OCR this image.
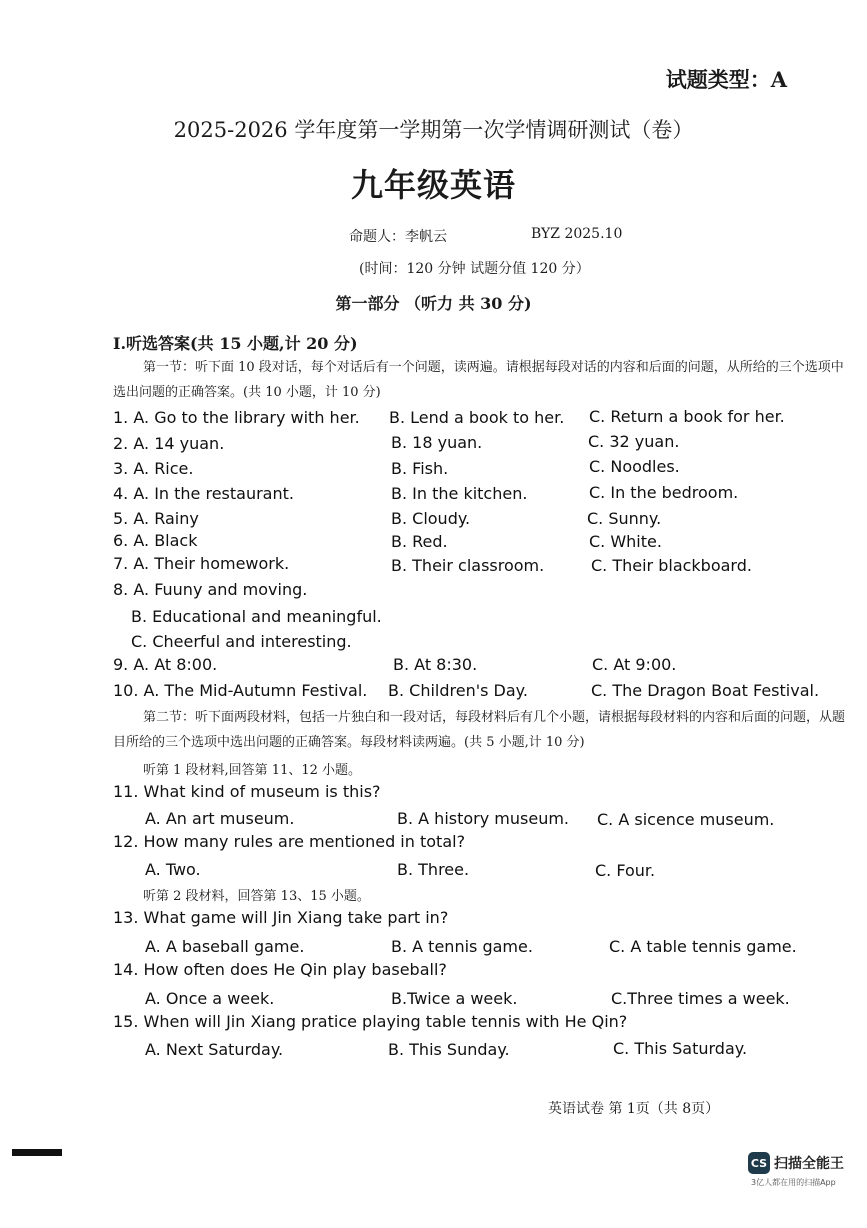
试题类型：A
2025-2026 学年度第一学期第一次学情调研测试（卷）
九年级英语
命题人：李帆云	BYZ 2025.10
(时间：120 分钟 试题分值 120 分）
第一部分 （听力 共 30 分)
I.听选答案(共 15 小题,计 20 分)
第一节：听下面 10 段对话，每个对话后有一个问题，读两遍。请根据每段对话的内容和后面的问题，从所给的三个选项中选出问题的正确答案。(共 10 小题，计 10 分)
1. A. Go to the library with her. B. Lend a book to her. C. Return a book for her.
2. A. 14 yuan.	B. 18 yuan.	C. 32 yuan.
3. A. Rice.	B. Fish.	C. Noodles.
4. A. In the restaurant.	B. In the kitchen.	C. In the bedroom.
5. A. Rainy	B. Cloudy.	C. Sunny.
6. A. Black	B. Red.	C. White.
7. A. Their homework.	B. Their classroom.	C. Their blackboard.
8. A. Fuuny and moving.
B. Educational and meaningful.
C. Cheerful and interesting.
9. A. At 8:00.	B. At 8:30.	C. At 9:00.
10. A. The Mid-Autumn Festival. B. Children's Day.	C. The Dragon Boat Festival.
第二节：听下面两段材料，包括一片独白和一段对话，每段材料后有几个小题，请根据每段材料的内容和后面的问题，从题目所给的三个选项中选出问题的正确答案。每段材料读两遍。(共 5 小题,计 10 分)
听第 1 段材料,回答第 11、12 小题。
11. What kind of museum is this?
A. An art museum.	B. A history museum. C. A sicence museum.
12. How many rules are mentioned in total?
A. Two.	B. Three.	C. Four.
听第 2 段材料，回答第 13、15 小题。
13. What game will Jin Xiang take part in?
A. A baseball game.	B. A tennis game.	C. A table tennis game.
14. How often does He Qin play baseball?
A. Once a week.	B.Twice a week.	C.Three times a week.
15. When will Jin Xiang pratice playing table tennis with He Qin?
A. Next Saturday.	B. This Sunday.	C. This Saturday.
英语试卷 第 1页（共 8页）
CS 扫描全能王
3亿人都在用的扫描App
